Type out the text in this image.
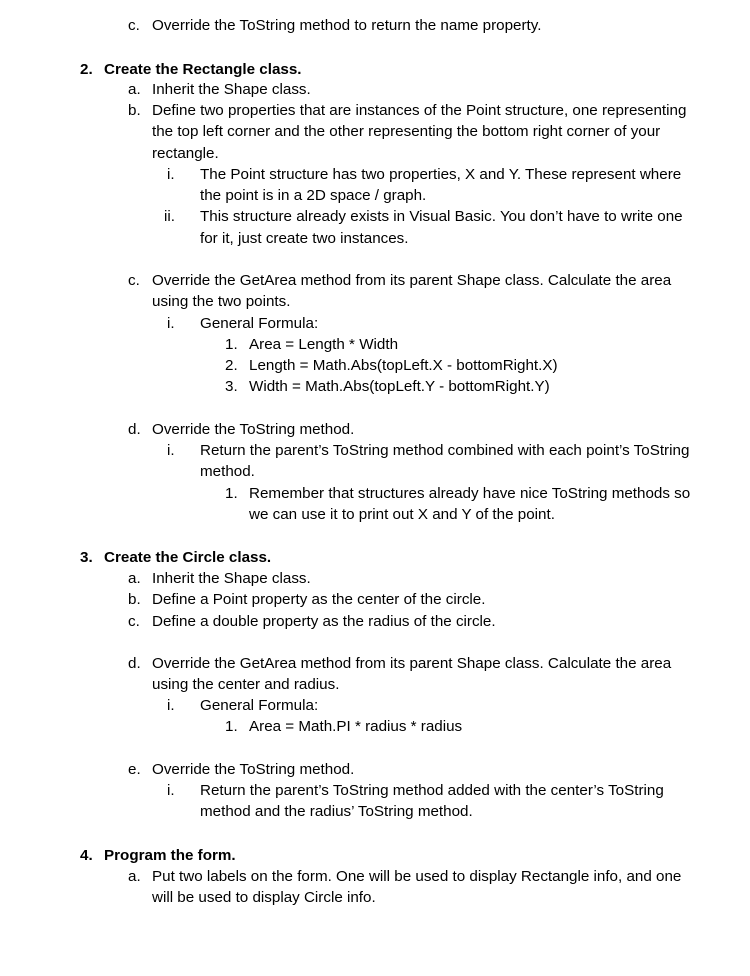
c. Override the ToString method to return the name property.
2. Create the Rectangle class.
a. Inherit the Shape class.
b. Define two properties that are instances of the Point structure, one representing
the top left corner and the other representing the bottom right corner of your
rectangle.
i. The Point structure has two properties, X and Y. These represent where
the point is in a 2D space / graph.
ii. This structure already exists in Visual Basic. You don’t have to write one
for it, just create two instances.
c. Override the GetArea method from its parent Shape class. Calculate the area
using the two points.
i. General Formula:
1. Area = Length * Width
2. Length = Math.Abs(topLeft.X - bottomRight.X)
3. Width = Math.Abs(topLeft.Y - bottomRight.Y)
d. Override the ToString method.
i. Return the parent’s ToString method combined with each point’s ToString
method.
1. Remember that structures already have nice ToString methods so
we can use it to print out X and Y of the point.
3. Create the Circle class.
a. Inherit the Shape class.
b. Define a Point property as the center of the circle.
c. Define a double property as the radius of the circle.
d. Override the GetArea method from its parent Shape class. Calculate the area
using the center and radius.
i. General Formula:
1. Area = Math.PI * radius * radius
e. Override the ToString method.
i. Return the parent’s ToString method added with the center’s ToString
method and the radius’ ToString method.
4. Program the form.
a. Put two labels on the form. One will be used to display Rectangle info, and one
will be used to display Circle info.
